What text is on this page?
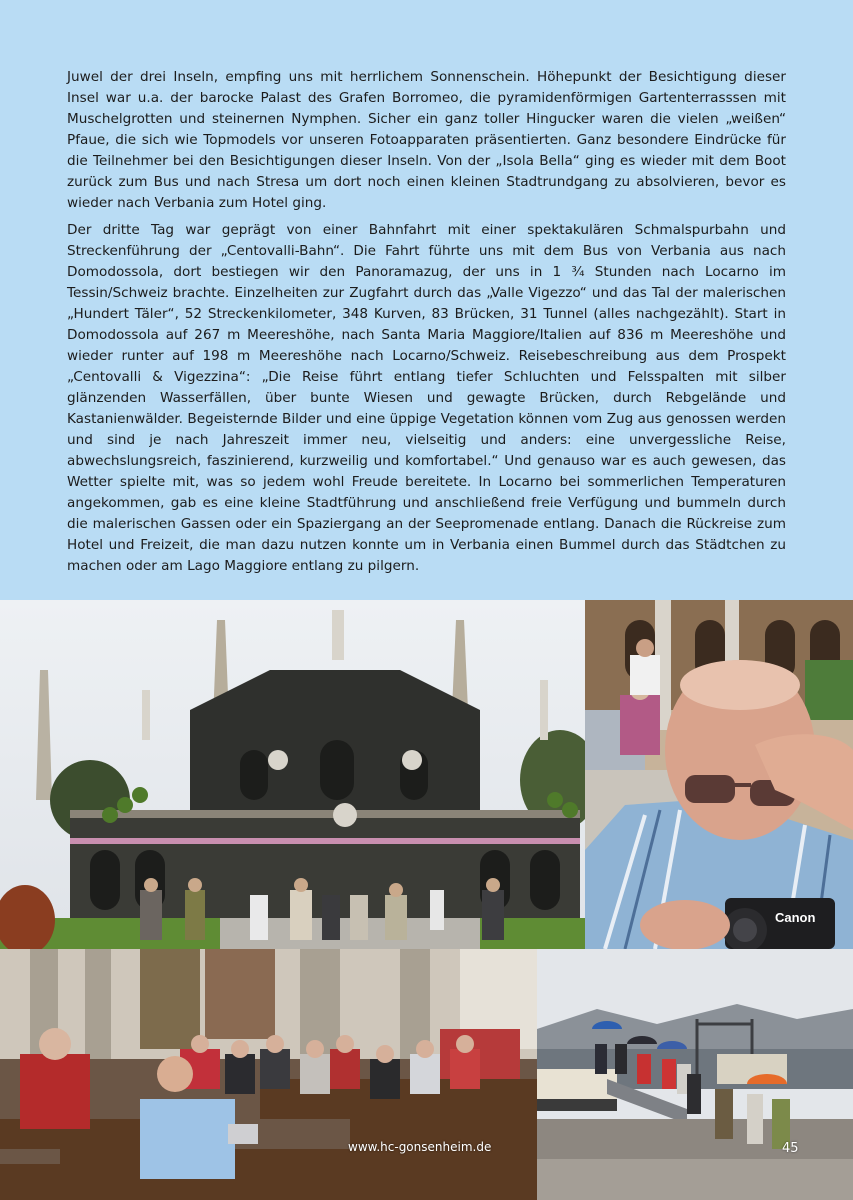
Juwel der drei Inseln, empfing uns mit herrlichem Sonnenschein. Höhepunkt der Besichtigung dieser Insel war u.a. der barocke Palast des Grafen Borromeo, die pyramidenförmigen Gartenterrasssen mit Muschelgrotten und steinernen Nymphen. Sicher ein ganz toller Hingucker waren die vielen „weißen“ Pfaue, die sich wie Topmodels vor unseren Fotoapparaten präsentierten. Ganz besondere Eindrücke für die Teilnehmer bei den Besichtigungen dieser Inseln. Von der „Isola Bella“ ging es wieder mit dem Boot zurück zum Bus und nach Stresa um dort noch einen kleinen Stadtrundgang zu absolvieren, bevor es wieder nach Verbania zum Hotel ging.

Der dritte Tag war geprägt von einer Bahnfahrt mit einer spektakulären Schmalspurbahn und Streckenführung der „Centovalli-Bahn“. Die Fahrt führte uns mit dem Bus von Verbania aus nach Domodossola, dort bestiegen wir den Panoramazug, der uns in 1 ¾ Stunden nach Locarno im Tessin/Schweiz brachte. Einzelheiten zur Zugfahrt durch das „Valle Vigezzo“ und das Tal der malerischen „Hundert Täler“, 52 Streckenkilometer, 348 Kurven, 83 Brücken, 31 Tunnel (alles nachgezählt). Start in Domodossola auf 267 m Meereshöhe, nach Santa Maria Maggiore/Italien auf 836 m Meereshöhe und wieder runter auf 198 m Meereshöhe nach Locarno/Schweiz. Reisebeschreibung aus dem Prospekt „Centovalli & Vigezzina“: „Die Reise führt entlang tiefer Schluchten und Felsspalten mit silber glänzenden Wasserfällen, über bunte Wiesen und gewagte Brücken, durch Rebgelände und Kastanienwälder. Begeisternde Bilder und eine üppige Vegetation können vom Zug aus genossen werden und sind je nach Jahreszeit immer neu, vielseitig und anders: eine unvergessliche Reise, abwechslungsreich, faszinierend, kurzweilig und komfortabel.“ Und genauso war es auch gewesen, das Wetter spielte mit, was so jedem wohl Freude bereitete. In Locarno bei sommerlichen Temperaturen angekommen, gab es eine kleine Stadtführung und anschließend freie Verfügung und bummeln durch die malerischen Gassen oder ein Spaziergang an der Seepromenade entlang. Danach die Rückreise zum Hotel und Freizeit, die man dazu nutzen konnte um in Verbania einen Bummel durch das Städtchen zu machen oder am Lago Maggiore entlang zu pilgern.

Canon
www.hc-gonsenheim.de	45
